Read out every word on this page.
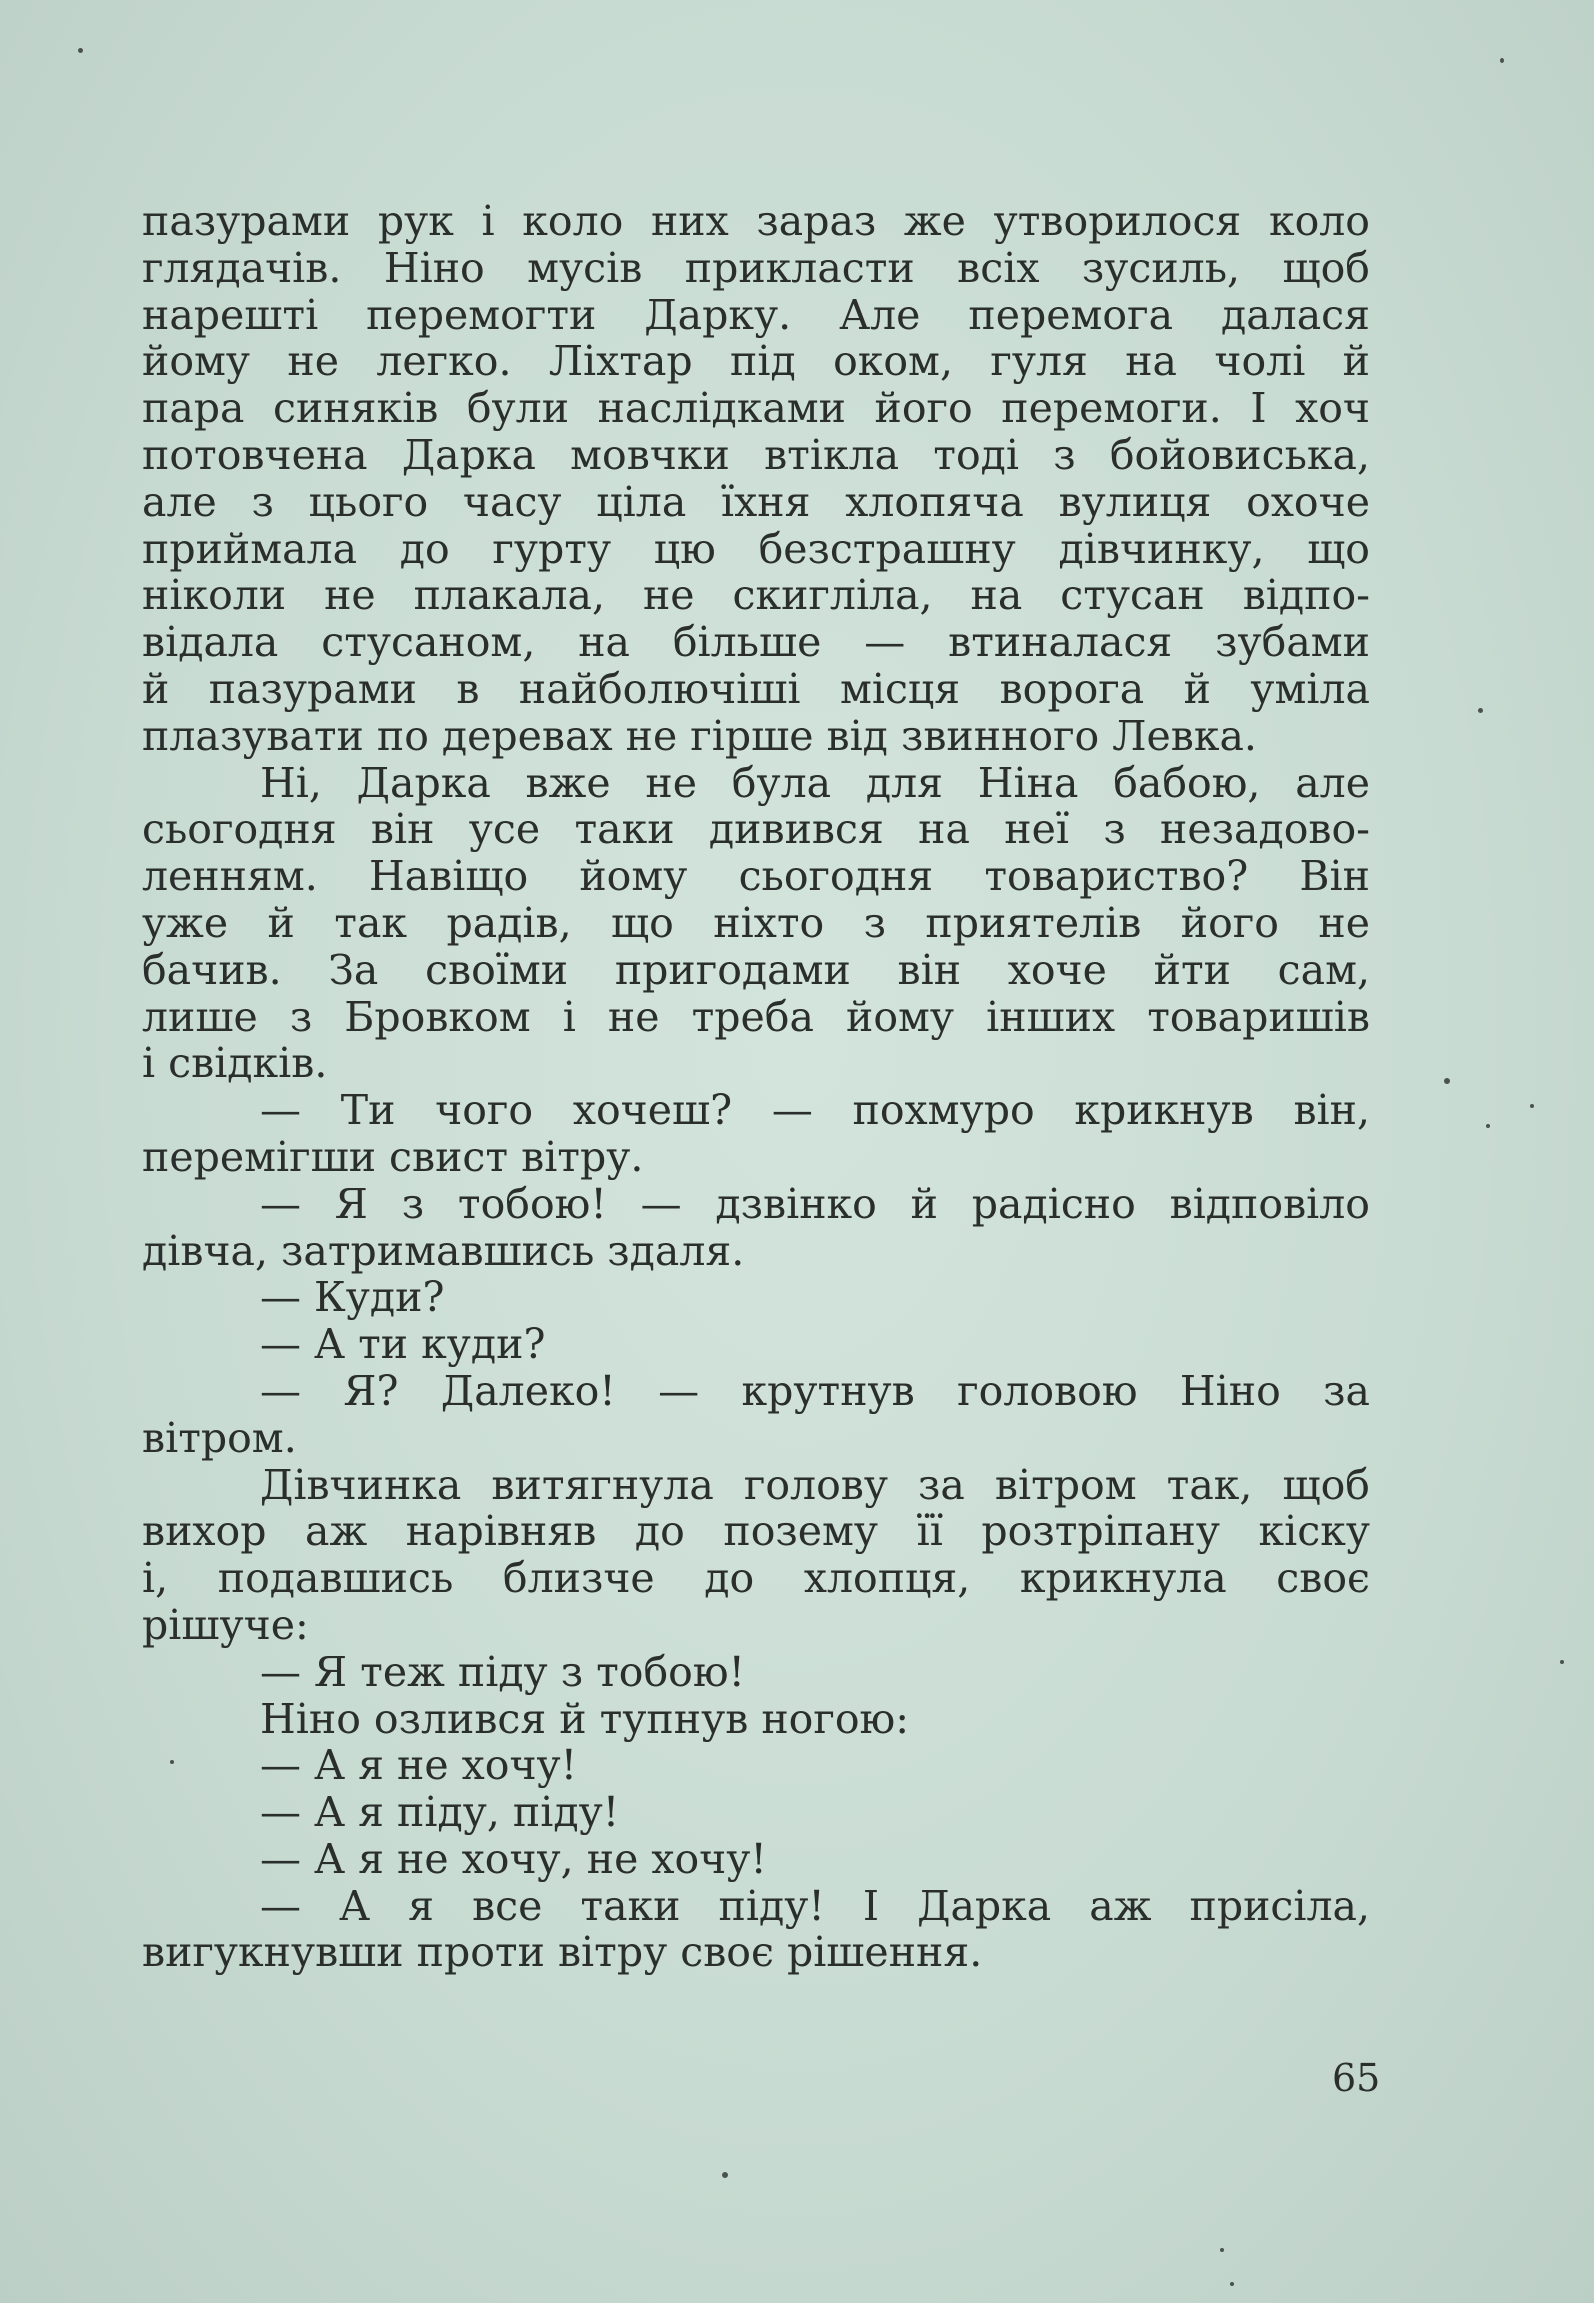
пазурами рук і коло них зараз же утворилося коло
глядачів. Ніно мусів прикласти всіх зусиль, щоб
нарешті перемогти Дарку. Але перемога далася
йому не легко. Ліхтар під оком, гуля на чолі й
пара синяків були наслідками його перемоги. І хоч
потовчена Дарка мовчки втікла тоді з бойовиська,
але з цього часу ціла їхня хлопяча вулиця охоче
приймала до гурту цю безстрашну дівчинку, що
ніколи не плакала, не скигліла, на стусан відпо-
відала стусаном, на більше — втиналася зубами
й пазурами в найболючіші місця ворога й уміла
плазувати по деревах не гірше від звинного Левка.
Ні, Дарка вже не була для Ніна бабою, але
сьогодня він усе таки дивився на неї з незадово-
ленням. Навіщо йому сьогодня товариство? Він
уже й так радів, що ніхто з приятелів його не
бачив. За своїми пригодами він хоче йти сам,
лише з Бровком і не треба йому інших товаришів
і свідків.
— Ти чого хочеш? — похмуро крикнув він,
перемігши свист вітру.
— Я з тобою! — дзвінко й радісно відповіло
дівча, затримавшись здаля.
— Куди?
— А ти куди?
— Я? Далеко! — крутнув головою Ніно за
вітром.
Дівчинка витягнула голову за вітром так, щоб
вихор аж нарівняв до позему її розтріпану кіску
і, подавшись близче до хлопця, крикнула своє
рішуче:
— Я теж піду з тобою!
Ніно озлився й тупнув ногою:
— А я не хочу!
— А я піду, піду!
— А я не хочу, не хочу!
— А я все таки піду! І Дарка аж присіла,
вигукнувши проти вітру своє рішення.
65
